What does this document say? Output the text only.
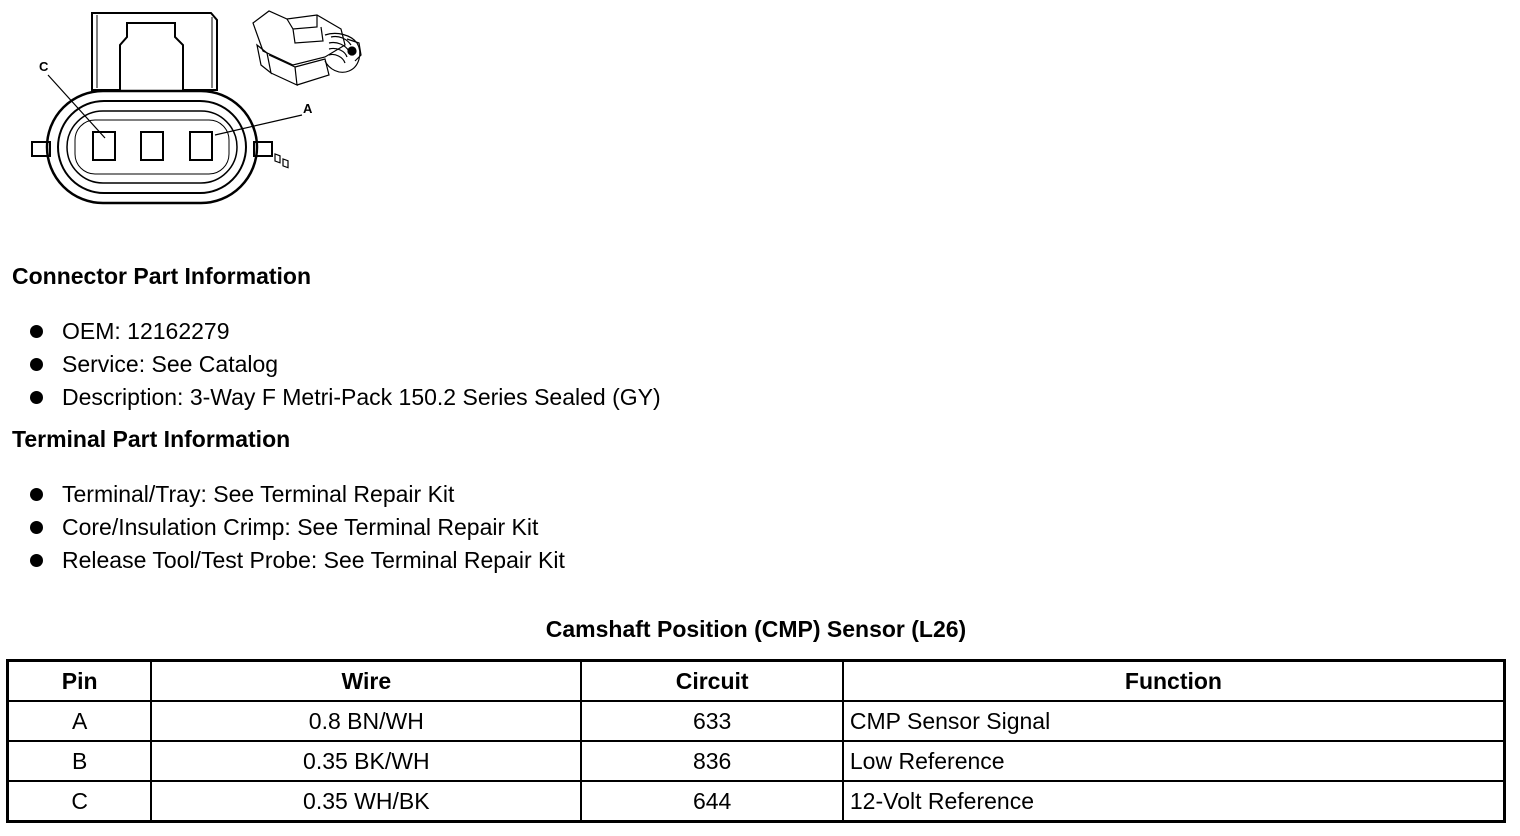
C
A
Connector Part Information
OEM: 12162279
Service: See Catalog
Description: 3-Way F Metri-Pack 150.2 Series Sealed (GY)
Terminal Part Information
Terminal/Tray: See Terminal Repair Kit
Core/Insulation Crimp: See Terminal Repair Kit
Release Tool/Test Probe: See Terminal Repair Kit
Camshaft Position (CMP) Sensor (L26)
Pin	Wire	Circuit	Function
A	0.8 BN/WH	633	CMP Sensor Signal
B	0.35 BK/WH	836	Low Reference
C	0.35 WH/BK	644	12-Volt Reference
